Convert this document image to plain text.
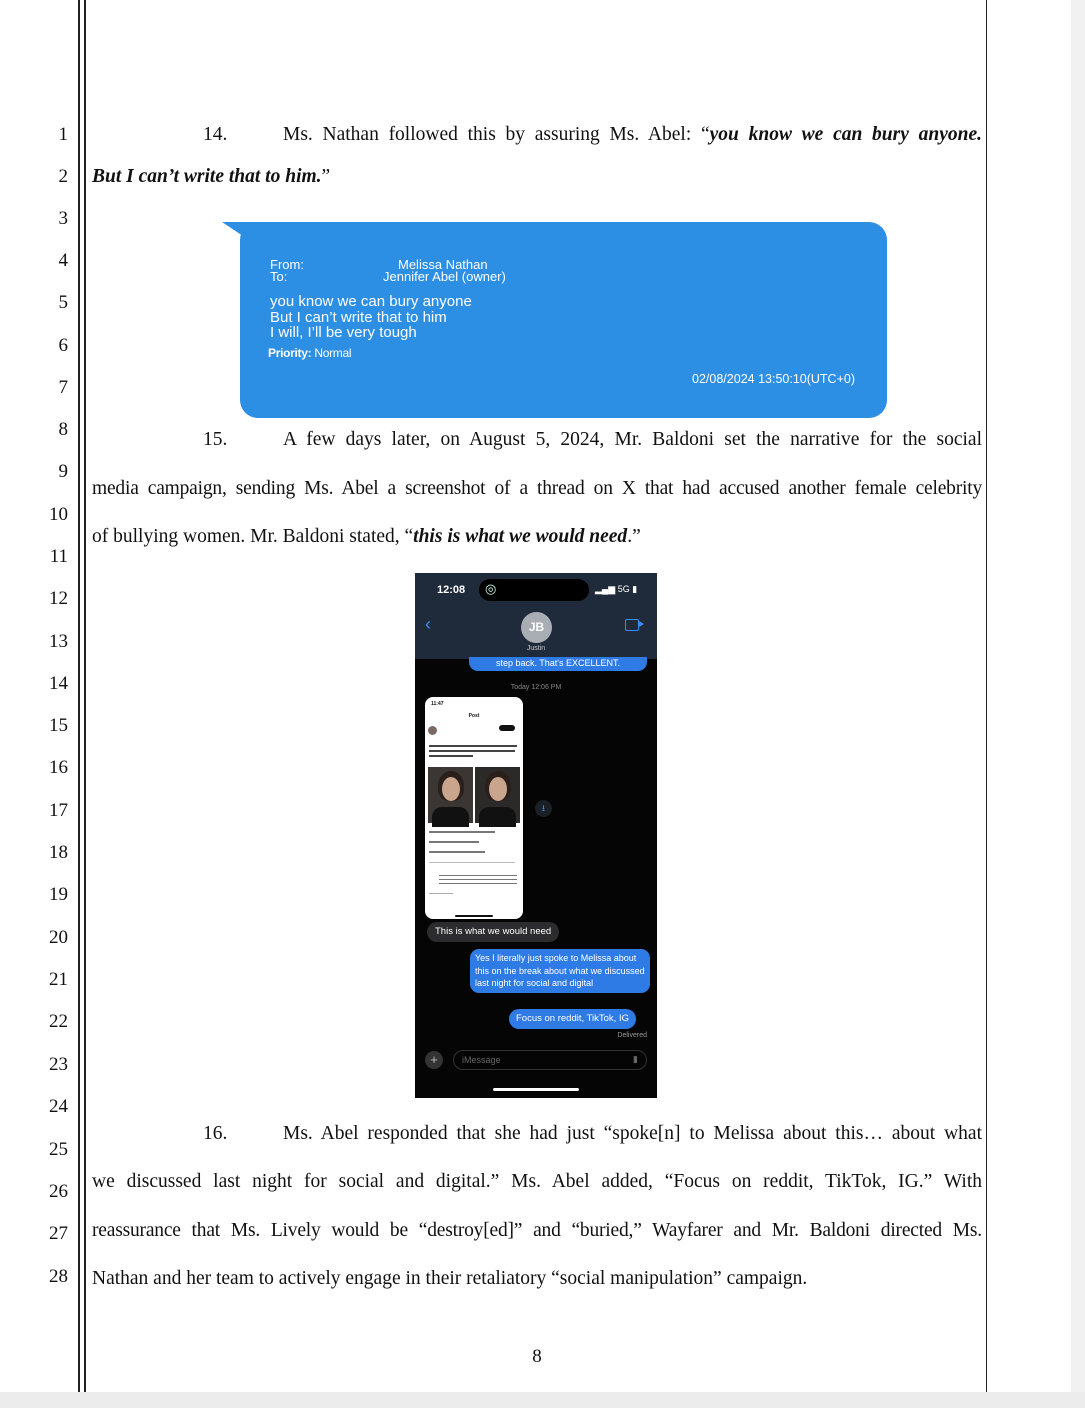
1
2
3
4
5
6
7
8
9
10
11
12
13
14
15
16
17
18
19
20
21
22
23
24
25
26
27
28
14.	Ms. Nathan followed this by assuring Ms. Abel: “you know we can bury anyone.
But I can’t write that to him.”
From:	Melissa Nathan
To:	Jennifer Abel (owner)
you know we can bury anyone
But I can’t write that to him
I will, I’ll be very tough
Priority: Normal
02/08/2024 13:50:10(UTC+0)
15.	A few days later, on August 5, 2024, Mr. Baldoni set the narrative for the social
media campaign, sending Ms. Abel a screenshot of a thread on X that had accused another female celebrity
of bullying women. Mr. Baldoni stated, “this is what we would need.”
12:08 ◎	▂▄▆ 5G ▮
‹	JB
Justin
step back. That's EXCELLENT.
Today 12:06 PM
11:47
Post
⭳
This is what we would need
Yes I literally just spoke to Melissa about this on the break about what we discussed last night for social and digital
Focus on reddit, TikTok, IG
Delivered
+	iMessage	▮
16.	Ms. Abel responded that she had just “spoke[n] to Melissa about this… about what
we discussed last night for social and digital.” Ms. Abel added, “Focus on reddit, TikTok, IG.” With
reassurance that Ms. Lively would be “destroy[ed]” and “buried,” Wayfarer and Mr. Baldoni directed Ms.
Nathan and her team to actively engage in their retaliatory “social manipulation” campaign.
8
